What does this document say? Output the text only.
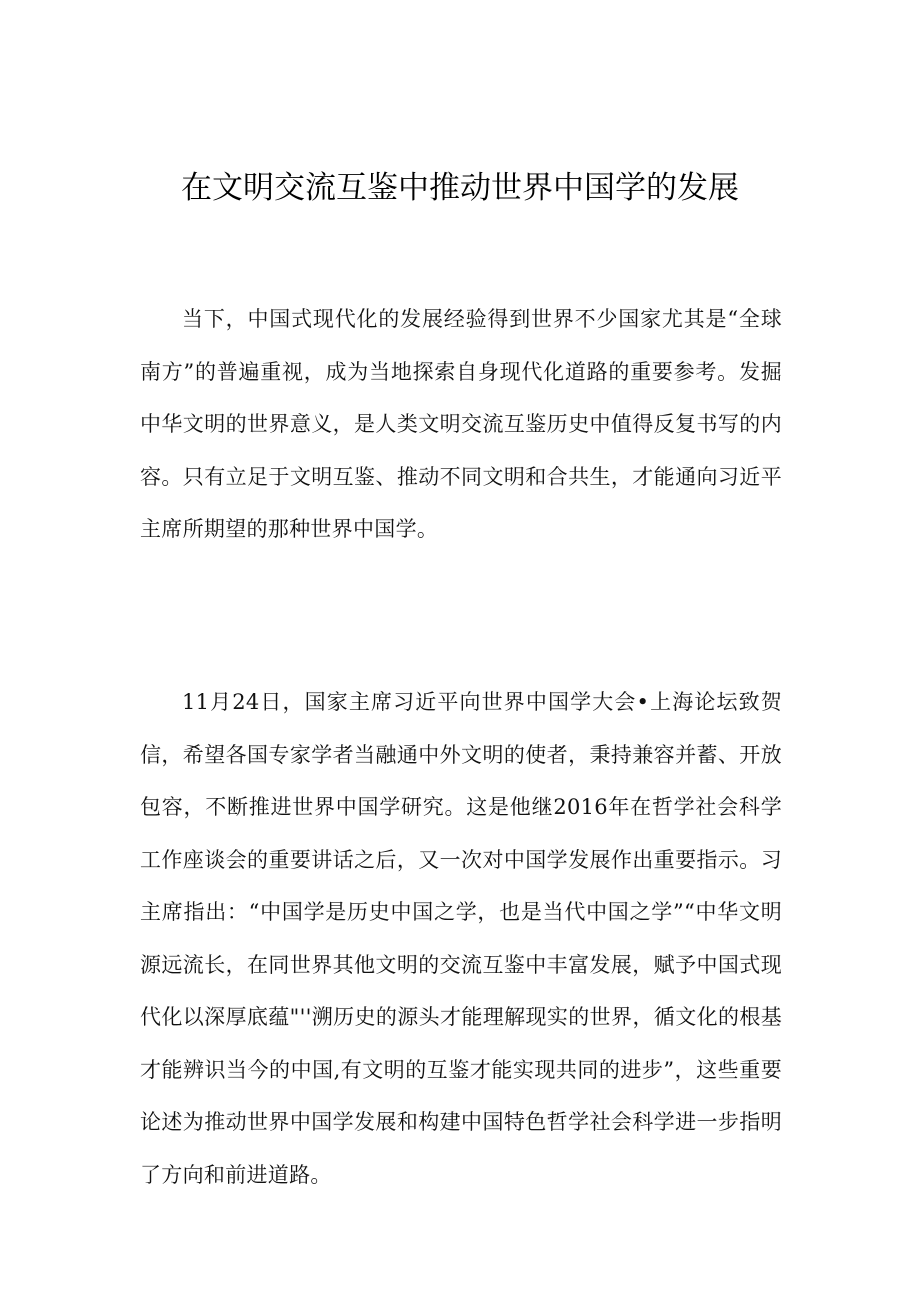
在文明交流互鉴中推动世界中国学的发展

当下，中国式现代化的发展经验得到世界不少国家尤其是“全球南方”的普遍重视，成为当地探索自身现代化道路的重要参考。发掘中华文明的世界意义，是人类文明交流互鉴历史中值得反复书写的内容。只有立足于文明互鉴、推动不同文明和合共生，才能通向习近平主席所期望的那种世界中国学。

11月24日，国家主席习近平向世界中国学大会•上海论坛致贺信，希望各国专家学者当融通中外文明的使者，秉持兼容并蓄、开放包容，不断推进世界中国学研究。这是他继2016年在哲学社会科学工作座谈会的重要讲话之后，又一次对中国学发展作出重要指示。习主席指出：“中国学是历史中国之学，也是当代中国之学”“中华文明源远流长，在同世界其他文明的交流互鉴中丰富发展，赋予中国式现代化以深厚底蕴"''溯历史的源头才能理解现实的世界，循文化的根基才能辨识当今的中国,有文明的互鉴才能实现共同的进步”，这些重要论述为推动世界中国学发展和构建中国特色哲学社会科学进一步指明了方向和前进道路。
